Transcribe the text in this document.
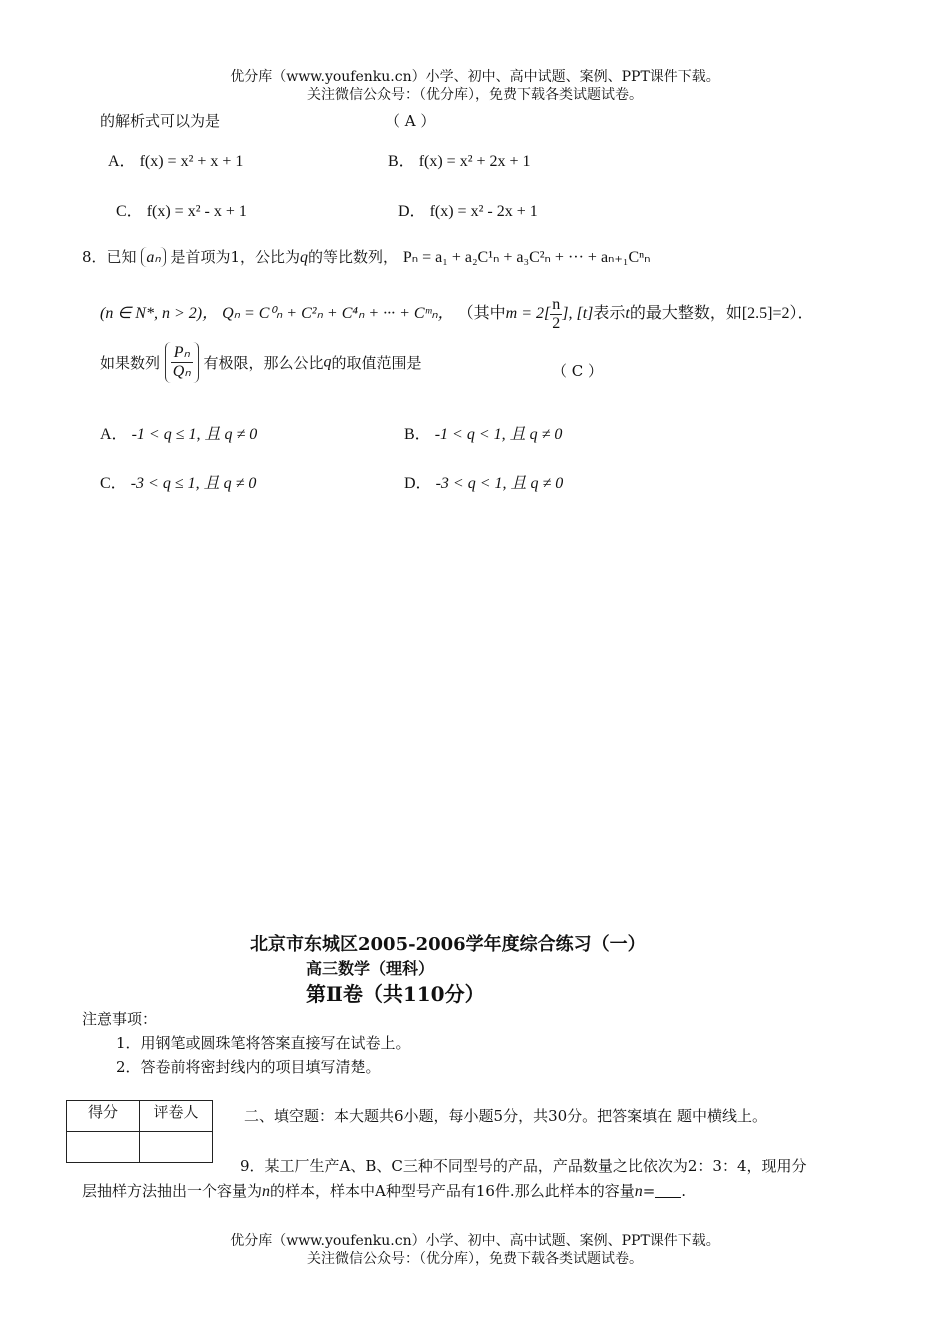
优分库（www.youfenku.cn）小学、初中、高中试题、案例、PPT课件下载。
关注微信公众号：（优分库），免费下载各类试题试卷。
的解析式可以为是	（ A ）
A． f(x) = x² + x + 1	B． f(x) = x² + 2x + 1
C． f(x) = x² - x + 1	D． f(x) = x² - 2x + 1
8．已知 aₙ 是首项为1，公比为q的等比数列， Pₙ = a₁ + a₂C¹ₙ + a₃C²ₙ + ··· + aₙ₊₁Cⁿₙ
(n ∈ N*, n > 2)， Qₙ = C⁰ₙ + C²ₙ + C⁴ₙ + ··· + Cᵐₙ， （其中$m = 2[ \frac{n}{2}$ ], [t]表示t的最大整数，如[2.5]=2）．
如果数列 $\frac{\text{Pₙ}}{\text{Qₙ}}$ 有极限，那么公比q的取值范围是	（ C ）
A． -1 < q ≤ 1, 且 q ≠ 0	B． -1 < q < 1, 且 q ≠ 0
C． -3 < q ≤ 1, 且 q ≠ 0	D． -3 < q < 1, 且 q ≠ 0
北京市东城区2005-2006学年度综合练习（一）
高三数学（理科）
第Ⅱ卷（共110分）
注意事项：
1．用钢笔或圆珠笔将答案直接写在试卷上。
2．答卷前将密封线内的项目填写清楚。
得分	评卷人
		二、填空题：本大题共6小题，每小题5分，共30分。把答案填在 题中横线上。
9．某工厂生产A、B、C三种不同型号的产品，产品数量之比依次为2：3：4，现用分
层抽样方法抽出一个容量为n的样本，样本中A种型号产品有16件.那么此样本的容量n= .
优分库（www.youfenku.cn）小学、初中、高中试题、案例、PPT课件下载。
关注微信公众号：（优分库），免费下载各类试题试卷。
